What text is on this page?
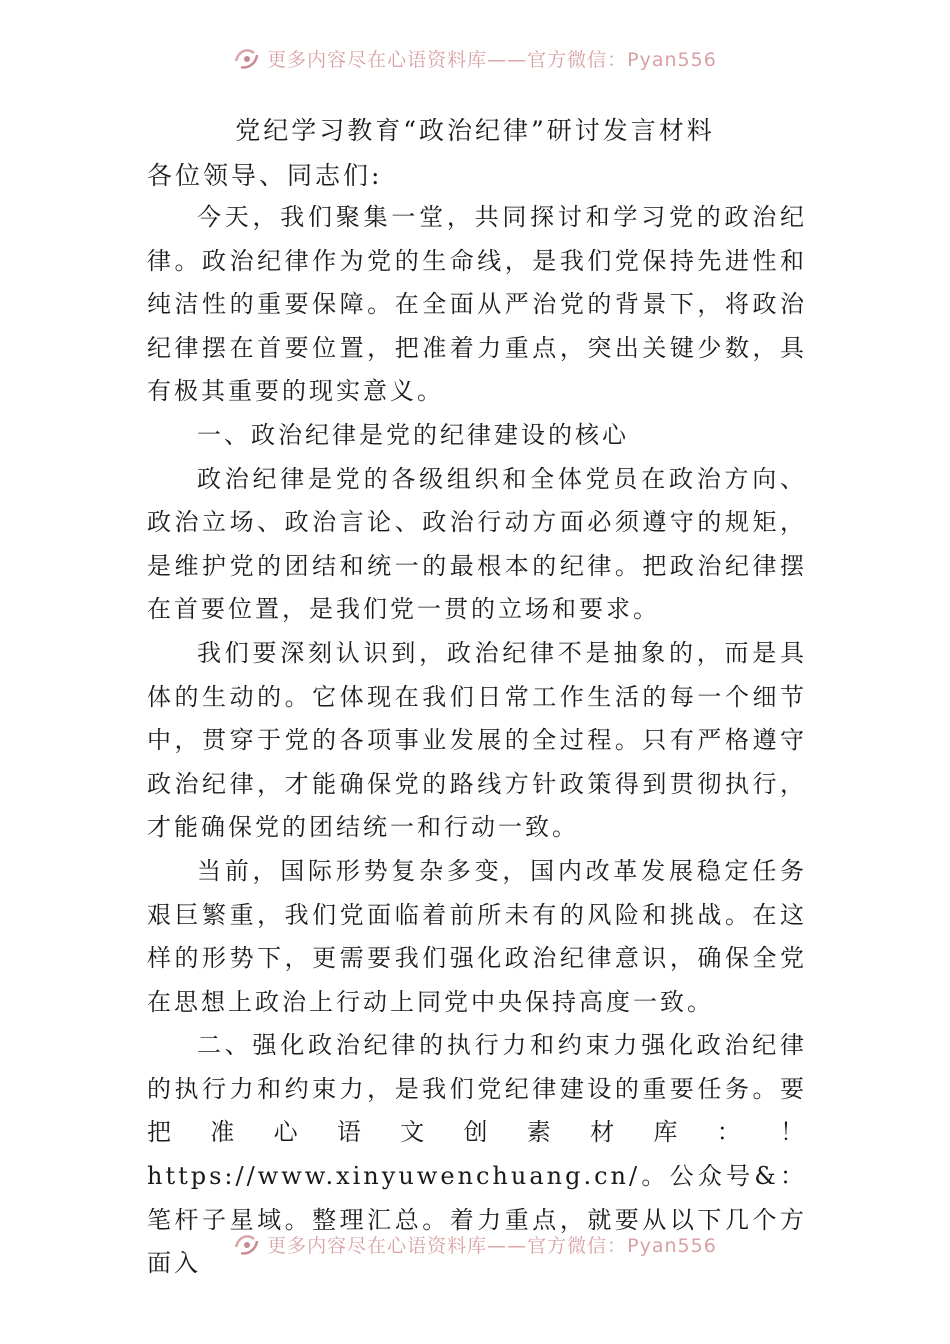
更多内容尽在心语资料库——官方微信：Pyan556
党纪学习教育“政治纪律”研讨发言材料

各位领导、同志们:

今天，我们聚集一堂，共同探讨和学习党的政治纪律。政治纪律作为党的生命线，是我们党保持先进性和纯洁性的重要保障。在全面从严治党的背景下，将政治纪律摆在首要位置，把准着力重点，突出关键少数，具有极其重要的现实意义。

一、政治纪律是党的纪律建设的核心

政治纪律是党的各级组织和全体党员在政治方向、政治立场、政治言论、政治行动方面必须遵守的规矩，是维护党的团结和统一的最根本的纪律。把政治纪律摆在首要位置，是我们党一贯的立场和要求。

我们要深刻认识到，政治纪律不是抽象的，而是具体的生动的。它体现在我们日常工作生活的每一个细节中，贯穿于党的各项事业发展的全过程。只有严格遵守政治纪律，才能确保党的路线方针政策得到贯彻执行，才能确保党的团结统一和行动一致。

当前，国际形势复杂多变，国内改革发展稳定任务艰巨繁重，我们党面临着前所未有的风险和挑战。在这样的形势下，更需要我们强化政治纪律意识，确保全党在思想上政治上行动上同党中央保持高度一致。

二、强化政治纪律的执行力和约束力强化政治纪律的执行力和约束力，是我们党纪律建设的重要任务。要把准心语文创素材库：！https://www.xinyuwenchuang.cn/。公众号&：笔杆子星域。整理汇总。着力重点，就要从以下几个方面入

更多内容尽在心语资料库——官方微信：Pyan556
